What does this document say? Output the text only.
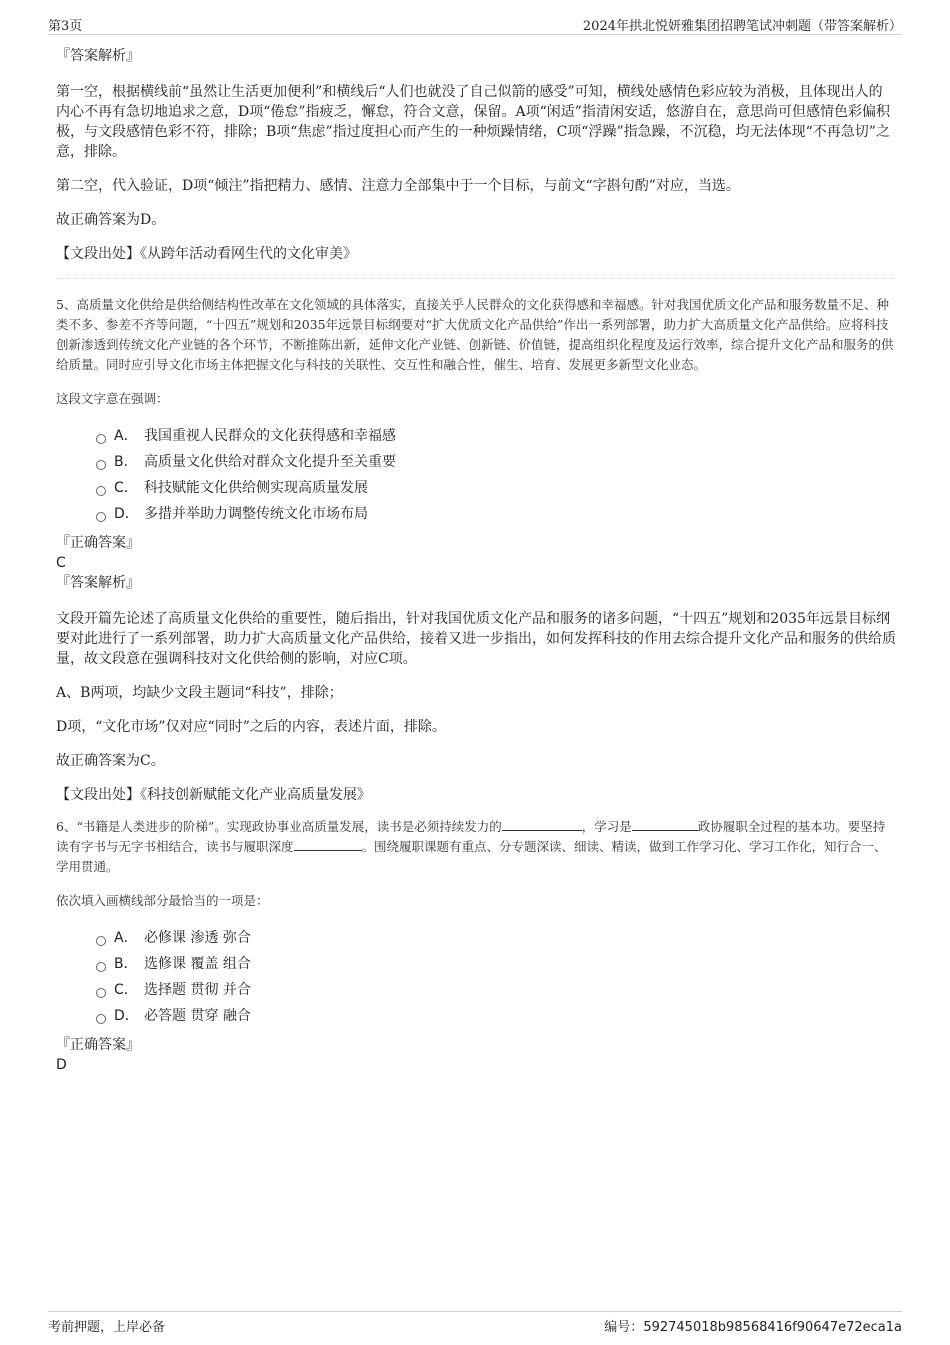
第3页	2024年拱北悦妍雅集团招聘笔试冲刺题（带答案解析）

『答案解析』

第一空，根据横线前“虽然让生活更加便利”和横线后“人们也就没了自己似箭的感受”可知，横线处感情色彩应较为消极，且体现出人的内心不再有急切地追求之意，D项“倦怠”指疲乏，懈怠，符合文意，保留。A项“闲适”指清闲安适，悠游自在，意思尚可但感情色彩偏积极，与文段感情色彩不符，排除；B项“焦虑”指过度担心而产生的一种烦躁情绪，C项“浮躁”指急躁，不沉稳，均无法体现“不再急切”之意，排除。

第二空，代入验证，D项“倾注”指把精力、感情、注意力全部集中于一个目标，与前文“字斟句酌”对应，当选。

故正确答案为D。

【文段出处】《从跨年活动看网生代的文化审美》

5、高质量文化供给是供给侧结构性改革在文化领域的具体落实，直接关乎人民群众的文化获得感和幸福感。针对我国优质文化产品和服务数量不足、种类不多、参差不齐等问题，“十四五”规划和2035年远景目标纲要对“扩大优质文化产品供给”作出一系列部署，助力扩大高质量文化产品供给。应将科技创新渗透到传统文化产业链的各个环节，不断推陈出新，延伸文化产业链、创新链、价值链，提高组织化程度及运行效率，综合提升文化产品和服务的供给质量。同时应引导文化市场主体把握文化与科技的关联性、交互性和融合性，催生、培育、发展更多新型文化业态。

这段文字意在强调：

A． 我国重视人民群众的文化获得感和幸福感
B． 高质量文化供给对群众文化提升至关重要
C． 科技赋能文化供给侧实现高质量发展
D． 多措并举助力调整传统文化市场布局

『正确答案』

C

『答案解析』

文段开篇先论述了高质量文化供给的重要性，随后指出，针对我国优质文化产品和服务的诸多问题，“十四五”规划和2035年远景目标纲要对此进行了一系列部署，助力扩大高质量文化产品供给，接着又进一步指出，如何发挥科技的作用去综合提升文化产品和服务的供给质量，故文段意在强调科技对文化供给侧的影响，对应C项。

A、B两项，均缺少文段主题词“科技”，排除；

D项，“文化市场”仅对应“同时”之后的内容，表述片面，排除。

故正确答案为C。

【文段出处】《科技创新赋能文化产业高质量发展》

6、“书籍是人类进步的阶梯”。实现政协事业高质量发展，读书是必须持续发力的	，学习是	政协履职全过程的基本功。要坚持读有字书与无字书相结合，读书与履职深度	。围绕履职课题有重点、分专题深读、细读、精读，做到工作学习化、学习工作化，知行合一、学用贯通。

依次填入画横线部分最恰当的一项是：

A． 必修课 渗透 弥合
B． 选修课 覆盖 组合
C． 选择题 贯彻 并合
D． 必答题 贯穿 融合

『正确答案』

D

考前押题，上岸必备	编号：592745018b98568416f90647e72eca1a
